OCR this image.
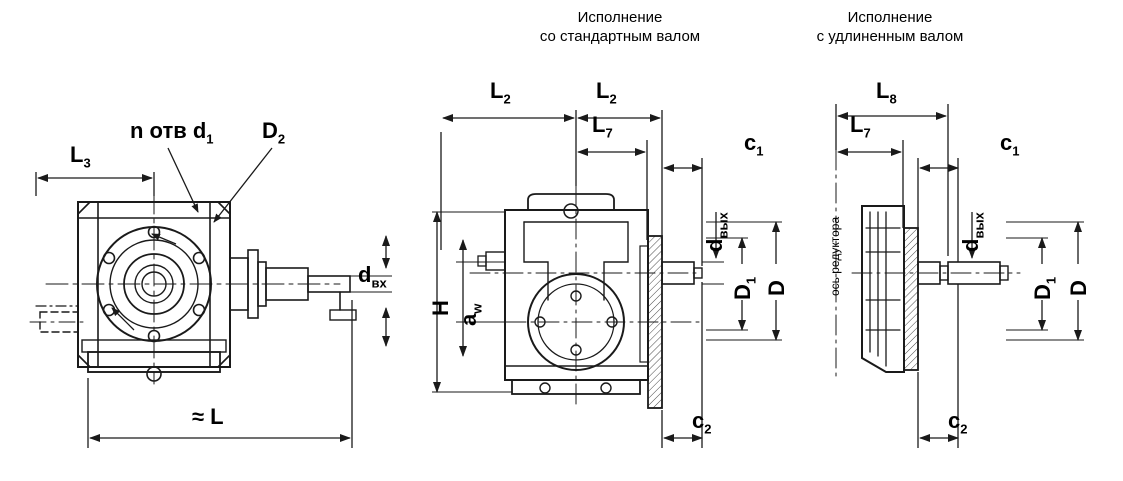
Исполнение
со стандартным валом
Исполнение
с удлиненным валом
n отв $d_1$ $D_2$
$L_3$
$d_{вх}$
≈ L
$L_2$	$L_2$
$L_7$	$c_1$
$c_2$
H
$a_w$
$d_{вых}$
$D_1$ D
$L_8$
$L_7$	$c_1$
$c_2$
$d_{вых}$
$D_1$ D
ось редуктора
